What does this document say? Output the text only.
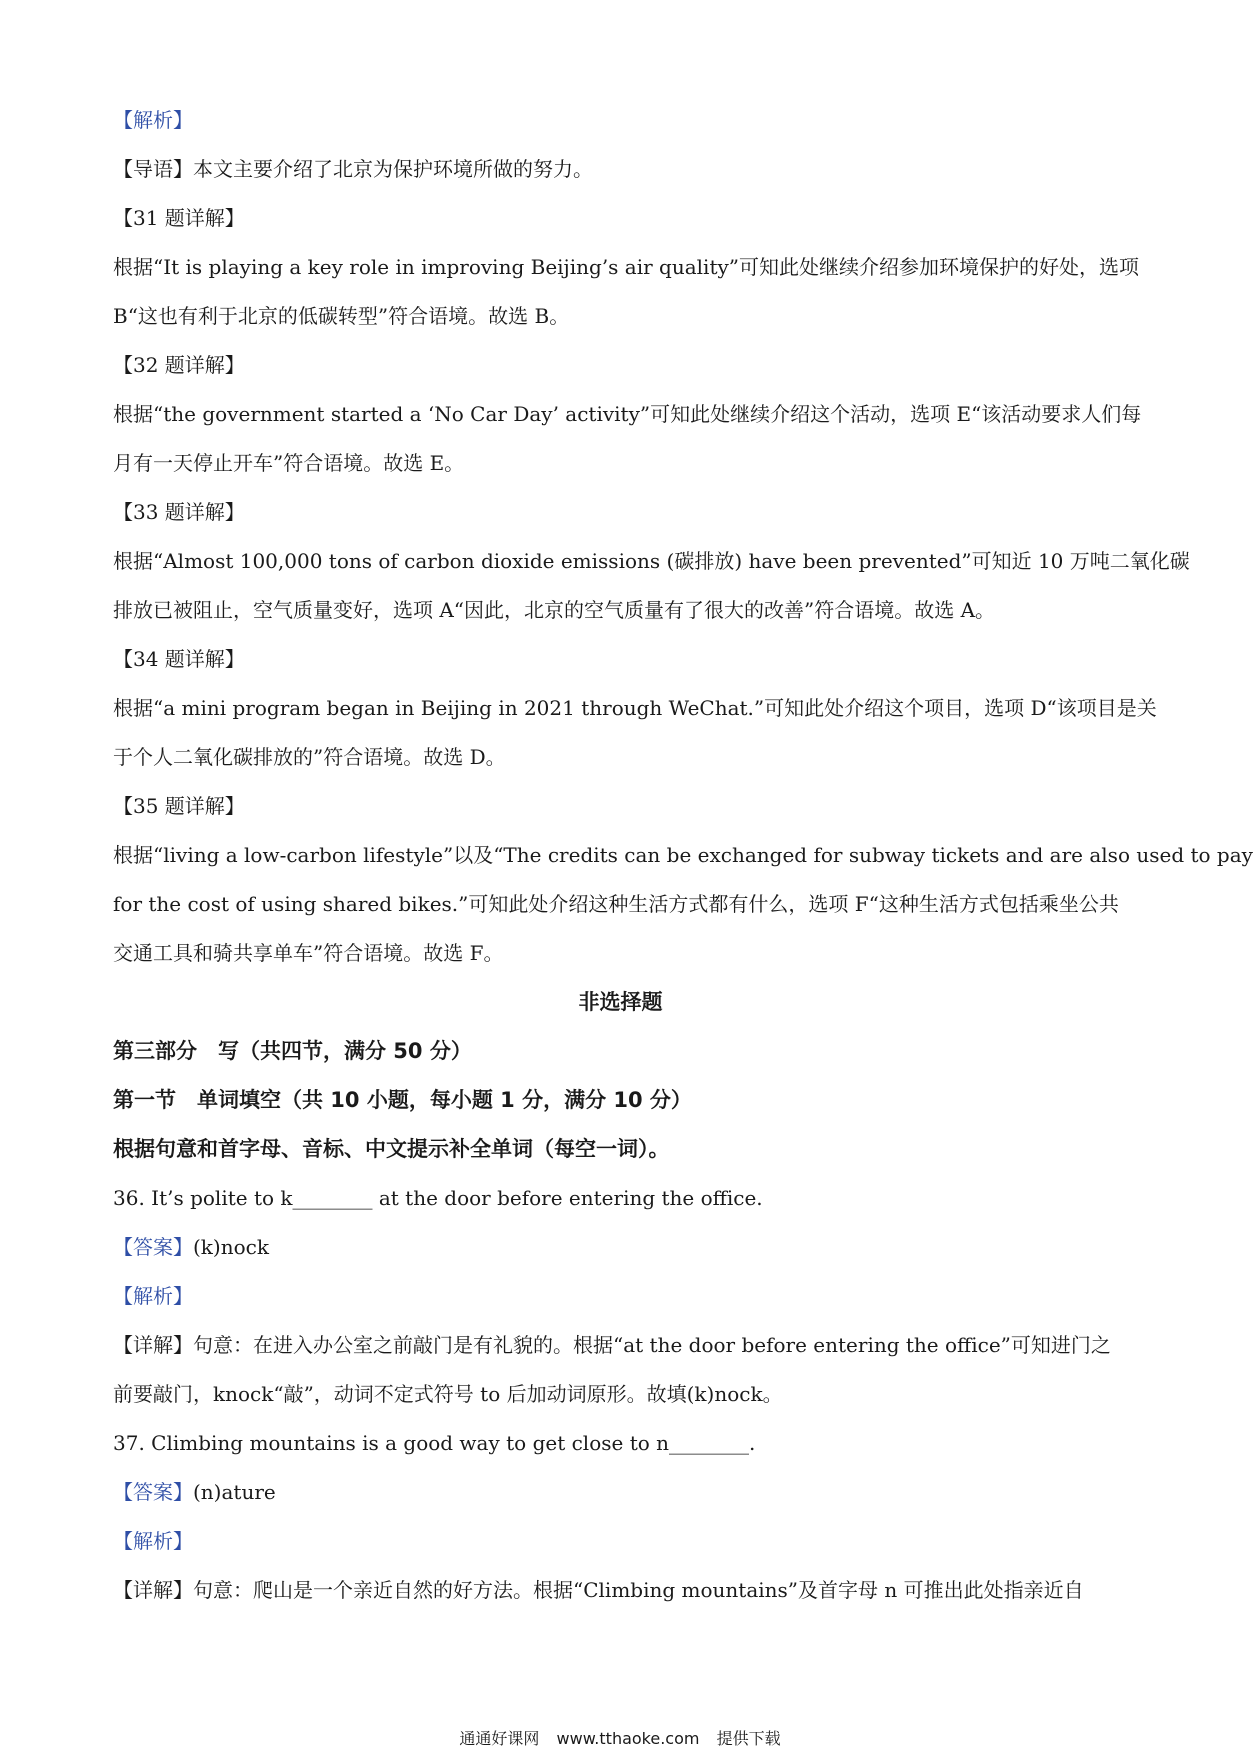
【解析】
【导语】本文主要介绍了北京为保护环境所做的努力。
【31 题详解】
根据“It is playing a key role in improving Beijing’s air quality”可知此处继续介绍参加环境保护的好处，选项
B“这也有利于北京的低碳转型”符合语境。故选 B。
【32 题详解】
根据“the government started a ‘No Car Day’ activity”可知此处继续介绍这个活动，选项 E“该活动要求人们每
月有一天停止开车”符合语境。故选 E。
【33 题详解】
根据“Almost 100,000 tons of carbon dioxide emissions (碳排放) have been prevented”可知近 10 万吨二氧化碳
排放已被阻止，空气质量变好，选项 A“因此，北京的空气质量有了很大的改善”符合语境。故选 A。
【34 题详解】
根据“a mini program began in Beijing in 2021 through WeChat.”可知此处介绍这个项目，选项 D“该项目是关
于个人二氧化碳排放的”符合语境。故选 D。
【35 题详解】
根据“living a low-carbon lifestyle”以及“The credits can be exchanged for subway tickets and are also used to pay
for the cost of using shared bikes.”可知此处介绍这种生活方式都有什么，选项 F“这种生活方式包括乘坐公共
交通工具和骑共享单车”符合语境。故选 F。
非选择题
第三部分　写（共四节，满分 50 分）
第一节　单词填空（共 10 小题，每小题 1 分，满分 10 分）
根据句意和首字母、音标、中文提示补全单词（每空一词）。
36. It’s polite to k________ at the door before entering the office.
【答案】(k)nock
【解析】
【详解】句意：在进入办公室之前敲门是有礼貌的。根据“at the door before entering the office”可知进门之
前要敲门，knock“敲”，动词不定式符号 to 后加动词原形。故填(k)nock。
37. Climbing mountains is a good way to get close to n________.
【答案】(n)ature
【解析】
【详解】句意：爬山是一个亲近自然的好方法。根据“Climbing mountains”及首字母 n 可推出此处指亲近自
通通好课网 www.tthaoke.com 提供下载
